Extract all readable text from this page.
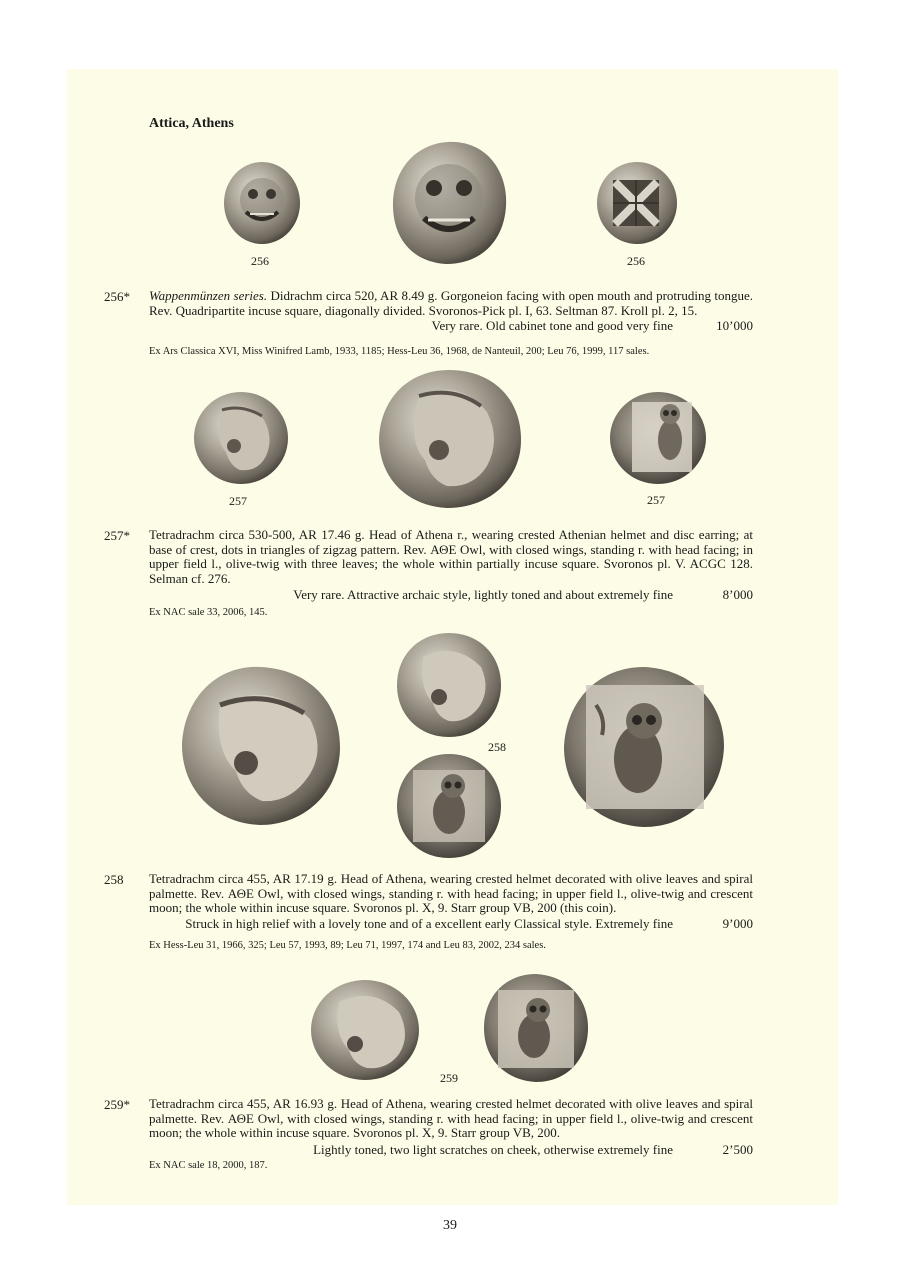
Attica, Athens
256	256
256* Wappenmünzen series. Didrachm circa 520, AR 8.49 g. Gorgoneion facing with open mouth and protruding tongue. Rev. Quadripartite incuse square, diagonally divided. Svoronos-Pick pl. I, 63. Seltman 87. Kroll pl. 2, 15.
Very rare. Old cabinet tone and good very fine	10’000
Ex Ars Classica XVI, Miss Winifred Lamb, 1933, 1185; Hess-Leu 36, 1968, de Nanteuil, 200; Leu 76, 1999, 117 sales.
257	257
257* Tetradrachm circa 530-500, AR 17.46 g. Head of Athena r., wearing crested Athenian helmet and disc earring; at base of crest, dots in triangles of zigzag pattern. Rev. ΑΘΕ Owl, with closed wings, standing r. with head facing; in upper field l., olive-twig with three leaves; the whole within partially incuse square. Svoronos pl. V. ACGC 128. Selman cf. 276.
Very rare. Attractive archaic style, lightly toned and about extremely fine	8’000
Ex NAC sale 33, 2006, 145.
258
258 Tetradrachm circa 455, AR 17.19 g. Head of Athena, wearing crested helmet decorated with olive leaves and spiral palmette. Rev. ΑΘΕ Owl, with closed wings, standing r. with head facing; in upper field l., olive-twig and crescent moon; the whole within incuse square. Svoronos pl. X, 9. Starr group VB, 200 (this coin).
Struck in high relief with a lovely tone and of a excellent early Classical style. Extremely fine	9’000
Ex Hess-Leu 31, 1966, 325; Leu 57, 1993, 89; Leu 71, 1997, 174 and Leu 83, 2002, 234 sales.
259
259* Tetradrachm circa 455, AR 16.93 g. Head of Athena, wearing crested helmet decorated with olive leaves and spiral palmette. Rev. ΑΘΕ Owl, with closed wings, standing r. with head facing; in upper field l., olive-twig and crescent moon; the whole within incuse square. Svoronos pl. X, 9. Starr group VB, 200.
Lightly toned, two light scratches on cheek, otherwise extremely fine	2’500
Ex NAC sale 18, 2000, 187.
39
